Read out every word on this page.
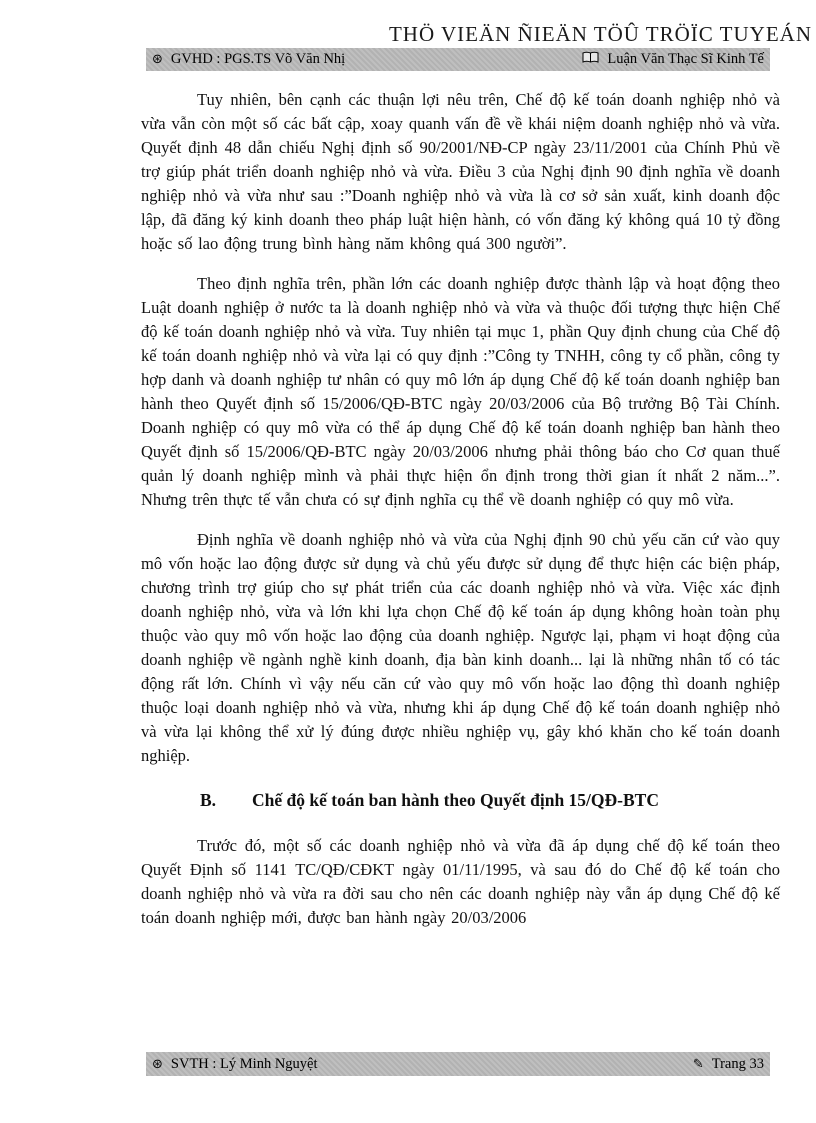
THÖ VIEÄN ÑIEÄN TÖÛ TRÖÏC TUYEÁN
⊛ GVHD : PGS.TS Võ Văn Nhị	Luận Văn Thạc Sĩ Kinh Tế

Tuy nhiên, bên cạnh các thuận lợi nêu trên, Chế độ kế toán doanh nghiệp nhỏ và vừa vẫn còn một số các bất cập, xoay quanh vấn đề về khái niệm doanh nghiệp nhỏ và vừa. Quyết định 48 dẫn chiếu Nghị định số 90/2001/NĐ-CP ngày 23/11/2001 của Chính Phủ về trợ giúp phát triển doanh nghiệp nhỏ và vừa. Điều 3 của Nghị định 90 định nghĩa về doanh nghiệp nhỏ và vừa như sau :”Doanh nghiệp nhỏ và vừa là cơ sở sản xuất, kinh doanh độc lập, đã đăng ký kinh doanh theo pháp luật hiện hành, có vốn đăng ký không quá 10 tỷ đồng hoặc số lao động trung bình hàng năm không quá 300 người”.

Theo định nghĩa trên, phần lớn các doanh nghiệp được thành lập và hoạt động theo Luật doanh nghiệp ở nước ta là doanh nghiệp nhỏ và vừa và thuộc đối tượng thực hiện Chế độ kế toán doanh nghiệp nhỏ và vừa. Tuy nhiên tại mục 1, phần Quy định chung của Chế độ kế toán doanh nghiệp nhỏ và vừa lại có quy định :”Công ty TNHH, công ty cổ phần, công ty hợp danh và doanh nghiệp tư nhân có quy mô lớn áp dụng Chế độ kế toán doanh nghiệp ban hành theo Quyết định số 15/2006/QĐ-BTC ngày 20/03/2006 của Bộ trưởng Bộ Tài Chính. Doanh nghiệp có quy mô vừa có thể áp dụng Chế độ kế toán doanh nghiệp ban hành theo Quyết định số 15/2006/QĐ-BTC ngày 20/03/2006 nhưng phải thông báo cho Cơ quan thuế quản lý doanh nghiệp mình và phải thực hiện ổn định trong thời gian ít nhất 2 năm...”. Nhưng trên thực tế vẫn chưa có sự định nghĩa cụ thể về doanh nghiệp có quy mô vừa.

Định nghĩa về doanh nghiệp nhỏ và vừa của Nghị định 90 chủ yếu căn cứ vào quy mô vốn hoặc lao động được sử dụng và chủ yếu được sử dụng để thực hiện các biện pháp, chương trình trợ giúp cho sự phát triển của các doanh nghiệp nhỏ và vừa. Việc xác định doanh nghiệp nhỏ, vừa và lớn khi lựa chọn Chế độ kế toán áp dụng không hoàn toàn phụ thuộc vào quy mô vốn hoặc lao động của doanh nghiệp. Ngược lại, phạm vi hoạt động của doanh nghiệp về ngành nghề kinh doanh, địa bàn kinh doanh... lại là những nhân tố có tác động rất lớn. Chính vì vậy nếu căn cứ vào quy mô vốn hoặc lao động thì doanh nghiệp thuộc loại doanh nghiệp nhỏ và vừa, nhưng khi áp dụng Chế độ kế toán doanh nghiệp nhỏ và vừa lại không thể xử lý đúng được nhiều nghiệp vụ, gây khó khăn cho kế toán doanh nghiệp.

B.	Chế độ kế toán ban hành theo Quyết định 15/QĐ-BTC

Trước đó, một số các doanh nghiệp nhỏ và vừa đã áp dụng chế độ kế toán theo Quyết Định số 1141 TC/QĐ/CĐKT ngày 01/11/1995, và sau đó do Chế độ kế toán cho doanh nghiệp nhỏ và vừa ra đời sau cho nên các doanh nghiệp này vẫn áp dụng Chế độ kế toán doanh nghiệp mới, được ban hành ngày 20/03/2006

⊛ SVTH : Lý Minh Nguyệt	✎ Trang 33
